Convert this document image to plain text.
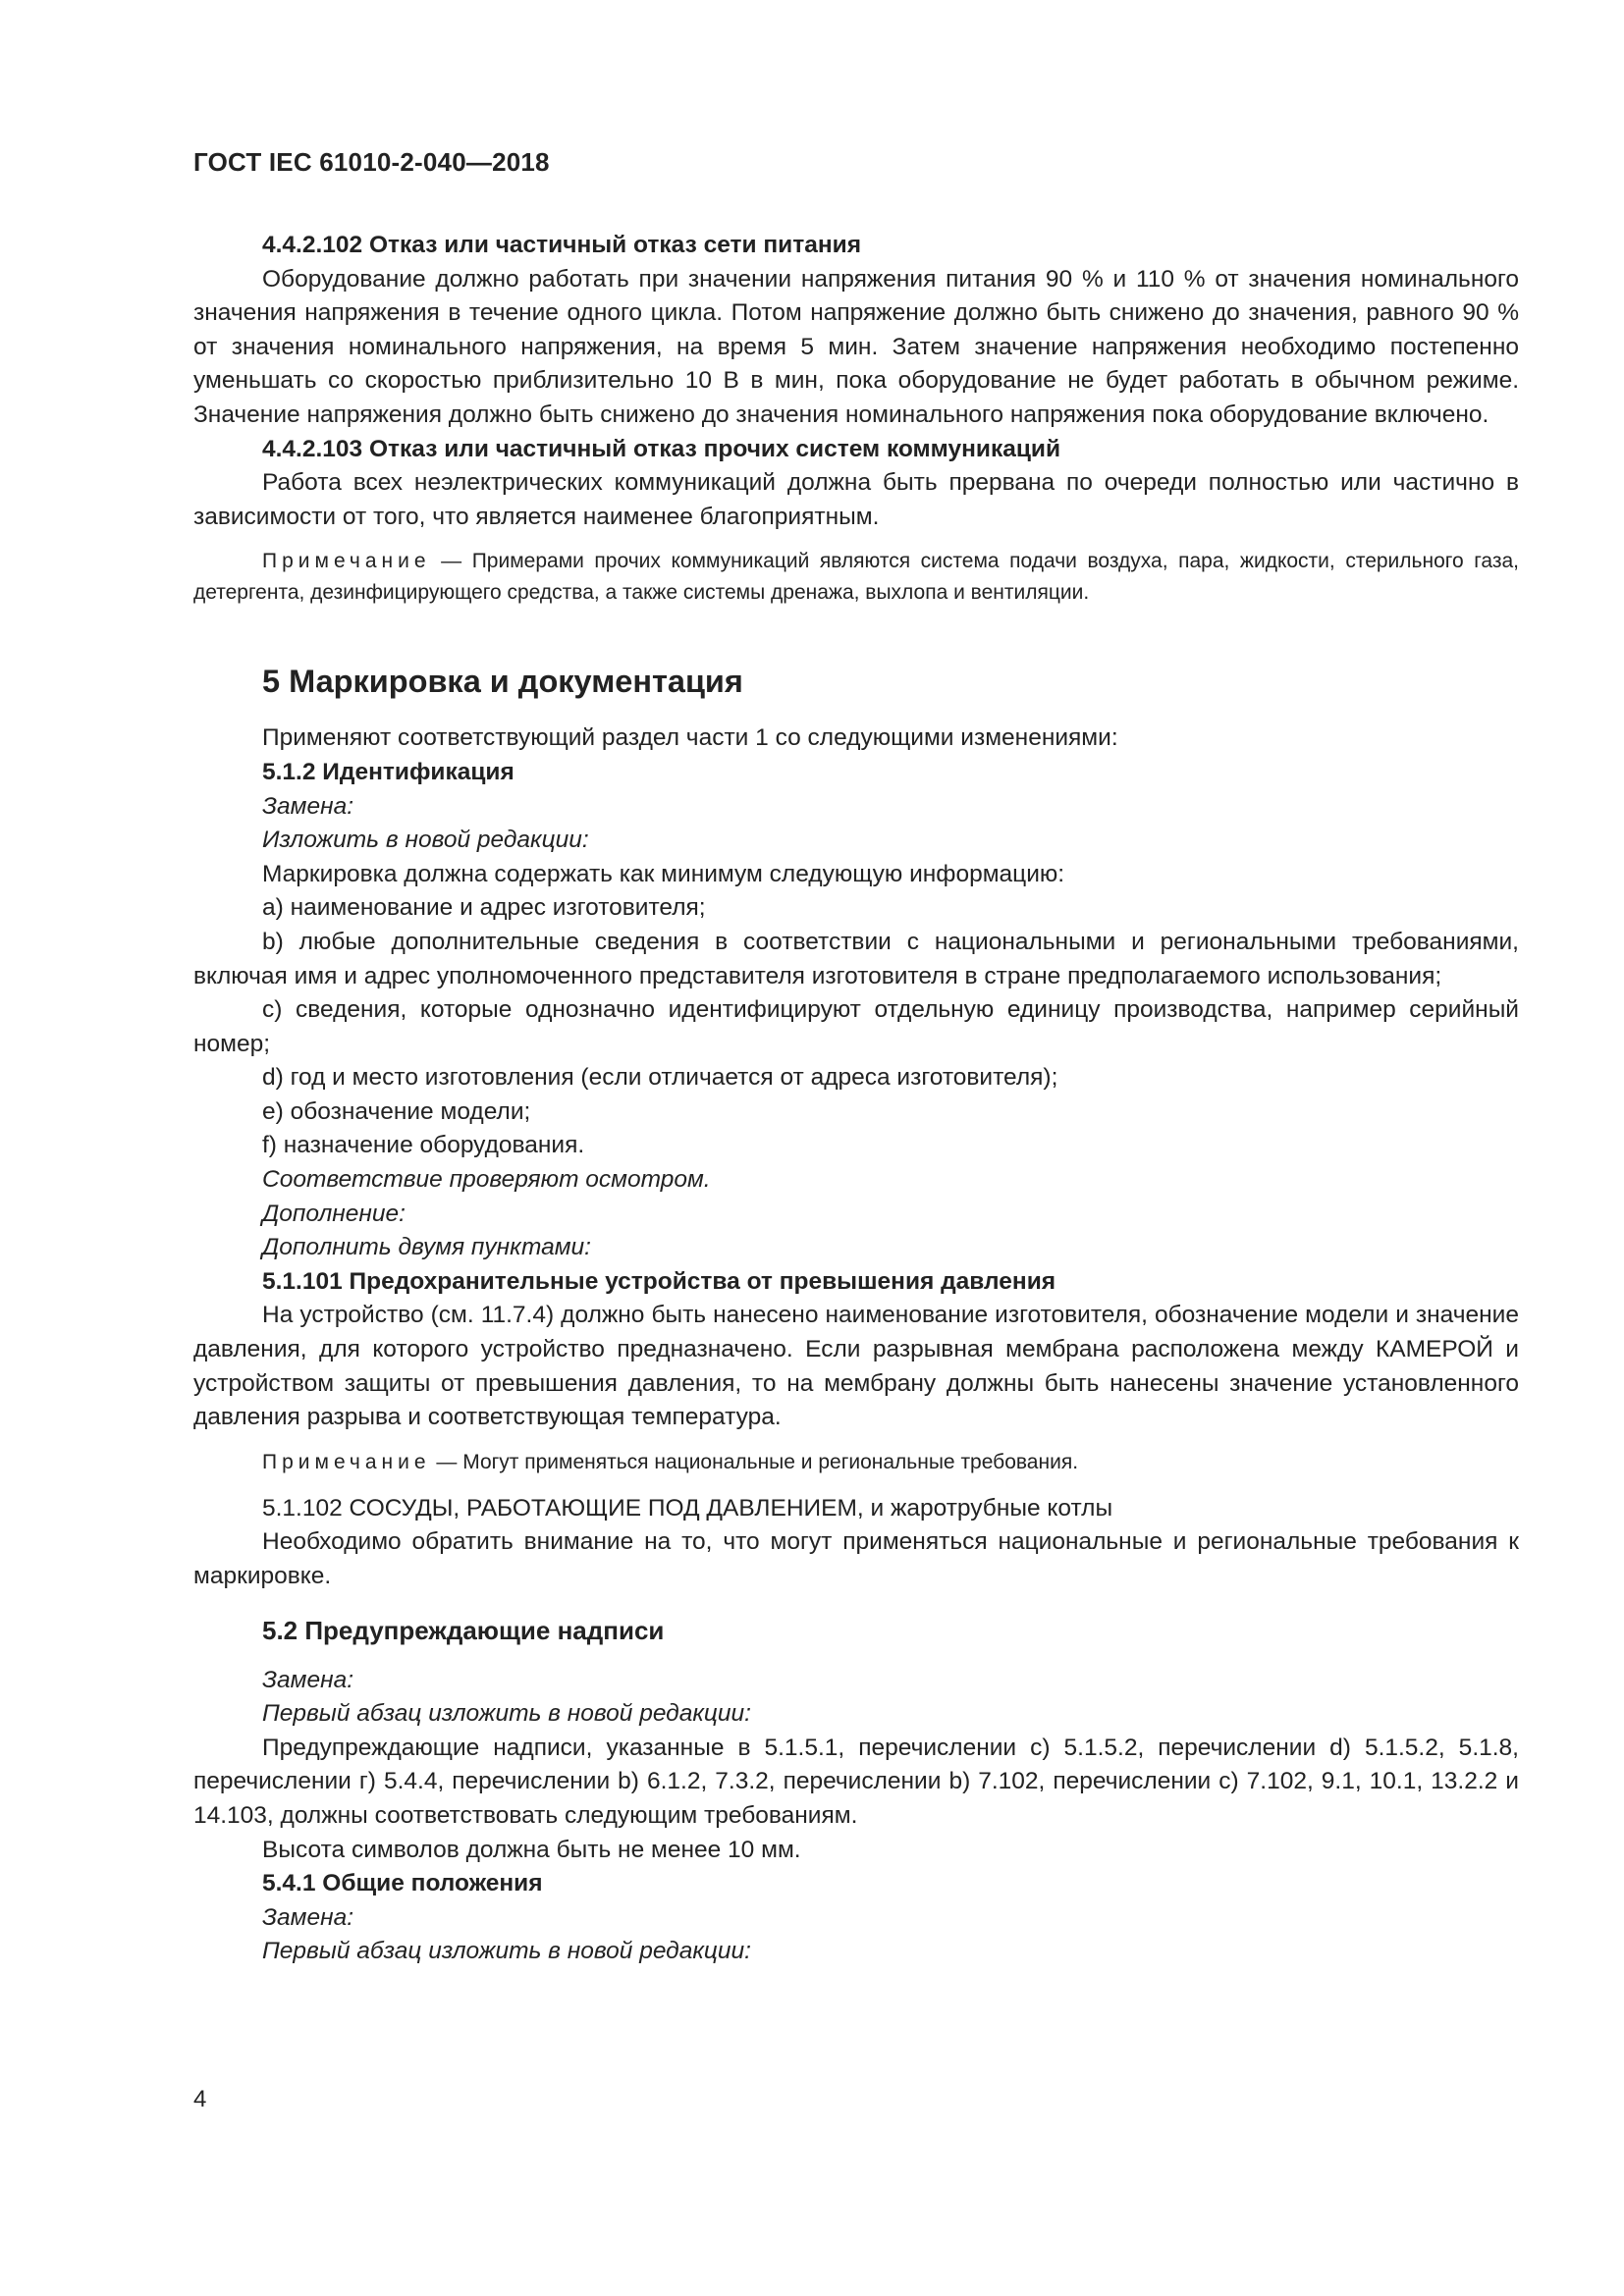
ГОСТ IEC 61010-2-040—2018

4.4.2.102 Отказ или частичный отказ сети питания

Оборудование должно работать при значении напряжения питания 90 % и 110 % от значения номинального значения напряжения в течение одного цикла. Потом напряжение должно быть снижено до значения, равного 90 % от значения номинального напряжения, на время 5 мин. Затем значение напряжения необходимо постепенно уменьшать со скоростью приблизительно 10 В в мин, пока оборудование не будет работать в обычном режиме. Значение напряжения должно быть снижено до значения номинального напряжения пока оборудование включено.

4.4.2.103 Отказ или частичный отказ прочих систем коммуникаций

Работа всех неэлектрических коммуникаций должна быть прервана по очереди полностью или частично в зависимости от того, что является наименее благоприятным.

Примечание — Примерами прочих коммуникаций являются система подачи воздуха, пара, жидкости, стерильного газа, детергента, дезинфицирующего средства, а также системы дренажа, выхлопа и вентиляции.

5 Маркировка и документация

Применяют соответствующий раздел части 1 со следующими изменениями:

5.1.2 Идентификация

Замена:

Изложить в новой редакции:

Маркировка должна содержать как минимум следующую информацию:

a) наименование и адрес изготовителя;

b) любые дополнительные сведения в соответствии с национальными и региональными требованиями, включая имя и адрес уполномоченного представителя изготовителя в стране предполагаемого использования;

c) сведения, которые однозначно идентифицируют отдельную единицу производства, например серийный номер;

d) год и место изготовления (если отличается от адреса изготовителя);

e) обозначение модели;

f) назначение оборудования.

Соответствие проверяют осмотром.

Дополнение:

Дополнить двумя пунктами:

5.1.101 Предохранительные устройства от превышения давления

На устройство (см. 11.7.4) должно быть нанесено наименование изготовителя, обозначение модели и значение давления, для которого устройство предназначено. Если разрывная мембрана расположена между КАМЕРОЙ и устройством защиты от превышения давления, то на мембрану должны быть нанесены значение установленного давления разрыва и соответствующая температура.

Примечание — Могут применяться национальные и региональные требования.

5.1.102 СОСУДЫ, РАБОТАЮЩИЕ ПОД ДАВЛЕНИЕМ, и жаротрубные котлы

Необходимо обратить внимание на то, что могут применяться национальные и региональные требования к маркировке.

5.2 Предупреждающие надписи

Замена:

Первый абзац изложить в новой редакции:

Предупреждающие надписи, указанные в 5.1.5.1, перечислении c) 5.1.5.2, перечислении d) 5.1.5.2, 5.1.8, перечислении г) 5.4.4, перечислении b) 6.1.2, 7.3.2, перечислении b) 7.102, перечислении c) 7.102, 9.1, 10.1, 13.2.2 и 14.103, должны соответствовать следующим требованиям.

Высота символов должна быть не менее 10 мм.

5.4.1 Общие положения

Замена:

Первый абзац изложить в новой редакции:

4
